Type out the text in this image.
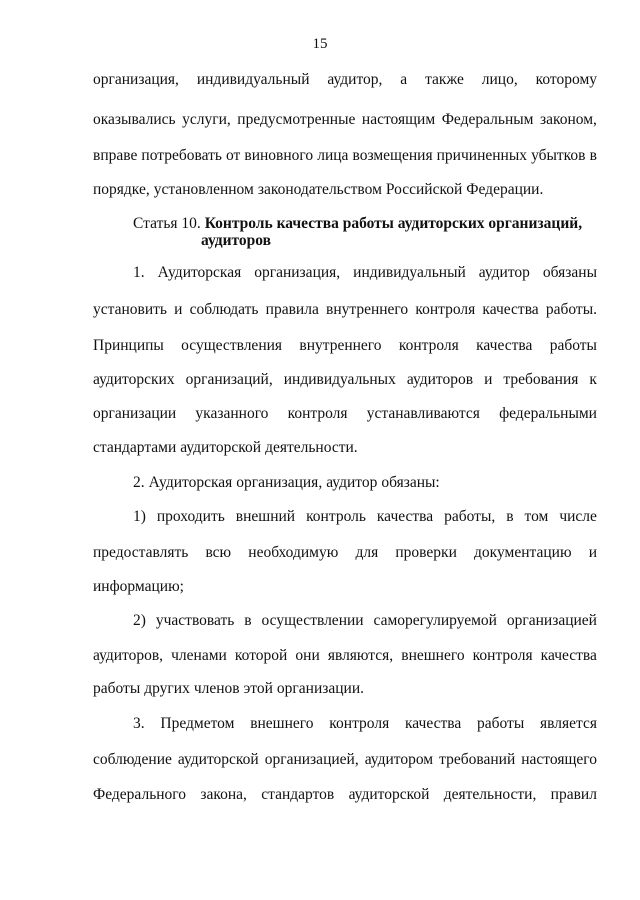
15
организация, индивидуальный аудитор, а также лицо, которому
оказывались услуги, предусмотренные настоящим Федеральным законом,
вправе потребовать от виновного лица возмещения причиненных убытков в
порядке, установленном законодательством Российской Федерации.
Статья 10. Контроль качества работы аудиторских организаций,
аудиторов
1. Аудиторская организация, индивидуальный аудитор обязаны
установить и соблюдать правила внутреннего контроля качества работы.
Принципы осуществления внутреннего контроля качества работы
аудиторских организаций, индивидуальных аудиторов и требования к
организации указанного контроля устанавливаются федеральными
стандартами аудиторской деятельности.
2. Аудиторская организация, аудитор обязаны:
1) проходить внешний контроль качества работы, в том числе
предоставлять всю необходимую для проверки документацию и
информацию;
2) участвовать в осуществлении саморегулируемой организацией
аудиторов, членами которой они являются, внешнего контроля качества
работы других членов этой организации.
3. Предметом внешнего контроля качества работы является
соблюдение аудиторской организацией, аудитором требований настоящего
Федерального закона, стандартов аудиторской деятельности, правил
